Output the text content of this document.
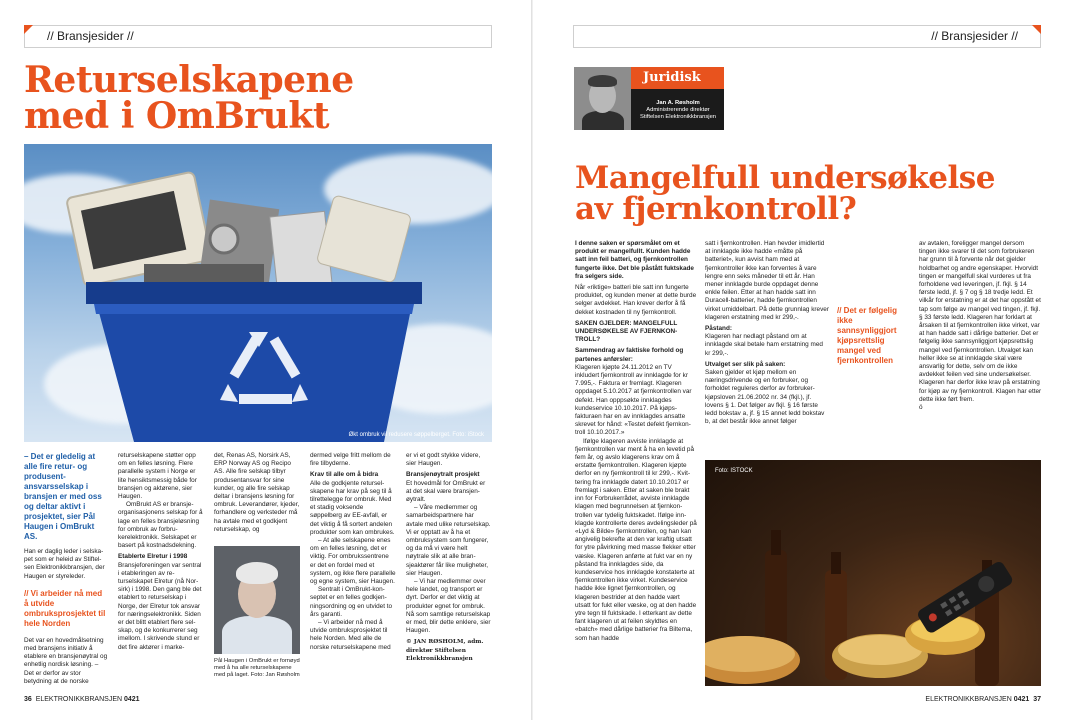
// Bransjesider //
Returselskapene
med i OmBrukt
Økt ombruk vil redusere søppelberget. Foto: iStock

– Det er gledelig at alle fire retur- og produsent-ansvarsselskap i bransjen er med oss og deltar aktivt i prosjektet, sier Pål Haugen i OmBrukt AS.

Han er daglig leder i selska-pet som er heleid av Stiftel-sen Elektronikkbransjen, der Haugen er styreleder.

// Vi arbeider nå med å utvide ombruksprosjektet til hele Norden

Det var en hovedmålsetning med bransjens initiativ å etablere en bransjenøytral og enhetlig nordisk løsning. – Det er derfor av stor betydning at de norske

returselskapene støtter opp om en felles løsning. Flere parallelle system i Norge er lite hensiktsmessig både for bransjen og aktørene, sier Haugen.

OmBrukt AS er bransjeorganisasjonens selskap for å lage en felles bransjeløsning for ombruk av forbrukerelektronikk. Selskapet er basert på kostnadsdekning.

Etablerte Elretur i 1998

Bransjeforeningen var sentral i etableringen av returselskapet Elretur (nå Norsirk) i 1998. Den gang ble det etablert to returselskap i Norge, der Elretur tok ansvar for næringselektronikk. Siden er det blitt etablert flere selskap, og de konkurrerer seg imellom. I skrivende stund er det fire aktører i marke-

det, Renas AS, Norsirk AS, ERP Norway AS og Recipo AS. Alle fire selskap tilbyr produsentansvar for sine kunder, og alle fire selskap deltar i bransjens løsning for ombruk. Leverandører, kjeder, forhandlere og verksteder må ha avtale med et godkjent returselskap, og

Pål Haugen i OmBrukt er fornøyd med å ha alle returselskapene med på laget. Foto: Jan Røsholm

dermed velge fritt mellom de fire tilbyderne.

Krav til alle om å bidra

Alle de godkjente returselskapene har krav på seg til å tilrettelegge for ombruk. Med et stadig voksende søppelberg av EE-avfall, er det viktig å få sortert andelen produkter som kan ombrukes.

– At alle selskapene enes om en felles løsning, det er viktig. For ombrukssentrene er det en fordel med et system, og ikke flere parallelle og egne system, sier Haugen.

Sentralt i OmBrukt-konseptet er en felles godkjenningsordning og en utvidet to års garanti.

– Vi arbeider nå med å utvide ombruksprosjektet til hele Norden. Med alle de norske returselskapene med

er vi et godt stykke videre, sier Haugen.

Bransjenøytralt prosjekt

Et hovedmål for OmBrukt er at det skal være bransjenøytralt.

– Våre medlemmer og samarbeidspartnere har avtale med ulike returselskap. Vi er opptatt av å ha et ombruksystem som fungerer, og da må vi være helt nøytrale slik at alle bransjeaktører får like muligheter, sier Haugen.

– Vi har medlemmer over hele landet, og transport er dyrt. Derfor er det viktig at produkter egnet for ombruk. Nå som samtlige returselskap er med, blir dette enklere, sier Haugen.

© JAN RØSHOLM, adm. direktør Stiftelsen Elektronikkbransjen

36 ELEKTRONIKKBRANSJEN 0421
// Bransjesider //
Juridisk
Jan A. Røsholm
Administrerende direktør
Stiftelsen Elektronikkbransjen
Mangelfull undersøkelse
av fjernkontroll?

I denne saken er spørsmålet om et produkt er mangelfullt. Kunden hadde satt inn feil batteri, og fjernkontrollen fungerte ikke. Det ble påstått fuktskade fra selgers side.

Når «riktige» batteri ble satt inn fungerte produktet, og kunden mener at dette burde selger avdekket. Han krever derfor å få dekket kostnaden til ny fjernkontroll.

SAKEN GJELDER: MANGELFULL UNDERSØKELSE AV FJERNKONTROLL?

Sammendrag av faktiske forhold og partenes anførsler:

Klageren kjøpte 24.11.2012 en TV inkludert fjernkontroll av innklagde for kr 7.995,-. Faktura er fremlagt. Klageren oppdaget 5.10.2017 at fjernkontrollen var defekt. Han opppsøkte innklagdes kundeservice 10.10.2017. På kjøpsfakturaen har en av innklagdes ansatte skrevet for hånd: «Testet defekt fjernkontroll 10.10.2017.»

Ifølge klageren avviste innklagde at fjernkontrollen var ment å ha en levetid på fem år, og avslo klagerens krav om å erstatte fjernkontrollen. Klageren kjøpte derfor en ny fjernkontroll til kr 299,-. Kvittering fra innklagde datert 10.10.2017 er fremlagt i saken. Etter at saken ble brakt inn for Forbrukerrådet, avviste innklagde klagen med begrunnelsen at fjernkontrollen var tydelig fuktskadet. Ifølge innklagde kontrollerte deres avdelingsleder på «Lyd & Bilde» fjernkontrollen, og han kan angivelig bekrefte at den var kraftig utsatt for ytre påvirkning med masse flekker etter væske. Klageren anførte at fukt var en ny påstand fra innklagdes side, da kundeservice hos innklagde konstaterte at fjernkontrollen ikke virket. Kundeservice hadde ikke lignet fjernkontrollen, og klageren bestrider at den hadde vært utsatt for fukt eller væske, og at den hadde ytre tegn til fuktskade. I etterkant av dette fant klageren ut at feilen skyldtes en «batch» med dårlige batterier fra Biltema, som han hadde

satt i fjernkontrollen. Han hevder imidlertid at innklagde ikke hadde «måtte på batteriet», kun avvist ham med at fjernkontroller ikke kan forventes å vare lengre enn seks måneder til ett år. Han mener innklagde burde oppdaget denne enkle feilen. Etter at han hadde satt inn Duracell-batterier, hadde fjernkontrollen virket umiddelbart. På dette grunnlag krever klageren erstatning med kr 299,-.

Påstand:

Klageren har nedlagt påstand om at innklagde skal betale ham erstatning med kr 299,-.

Utvalget ser slik på saken:

Saken gjelder et kjøp mellom en næringsdrivende og en forbruker, og forholdet reguleres derfor av forbrukerkjøpsloven 21.06.2002 nr. 34 (fkjl.), jf. lovens § 1. Det følger av fkjl. § 16 første ledd bokstav a, jf. § 15 annet ledd bokstav b, at det består ikke annet følger

// Det er følgelig ikke sannsynliggjort kjøpsrettslig mangel ved fjernkontrollen

av avtalen, foreligger mangel dersom tingen ikke svarer til det som forbrukeren har grunn til å forvente når det gjelder holdbarhet og andre egenskaper. Hvorvidt tingen er mangelfull skal vurderes ut fra forholdene ved leveringen, jf. fkjl. § 14 første ledd, jf. § 7 og § 18 tredje ledd. Et vilkår for erstatning er at det har oppstått et tap som følge av mangel ved tingen, jf. fkjl. § 33 første ledd. Klageren har forklart at årsaken til at fjernkontrollen ikke virket, var at han hadde satt i dårlige batterier. Det er følgelig ikke sannsynliggjort kjøpsrettslig mangel ved fjernkontrollen. Utvalget kan heller ikke se at innklagde skal være ansvarlig for dette, selv om de ikke avdekket feilen ved sine undersøkelser. Klageren har derfor ikke krav på erstatning for kjøp av ny fjernkontroll. Klagen har etter dette ikke ført frem.

ö

Foto: ISTOCK
ELEKTRONIKKBRANSJEN 0421 37
